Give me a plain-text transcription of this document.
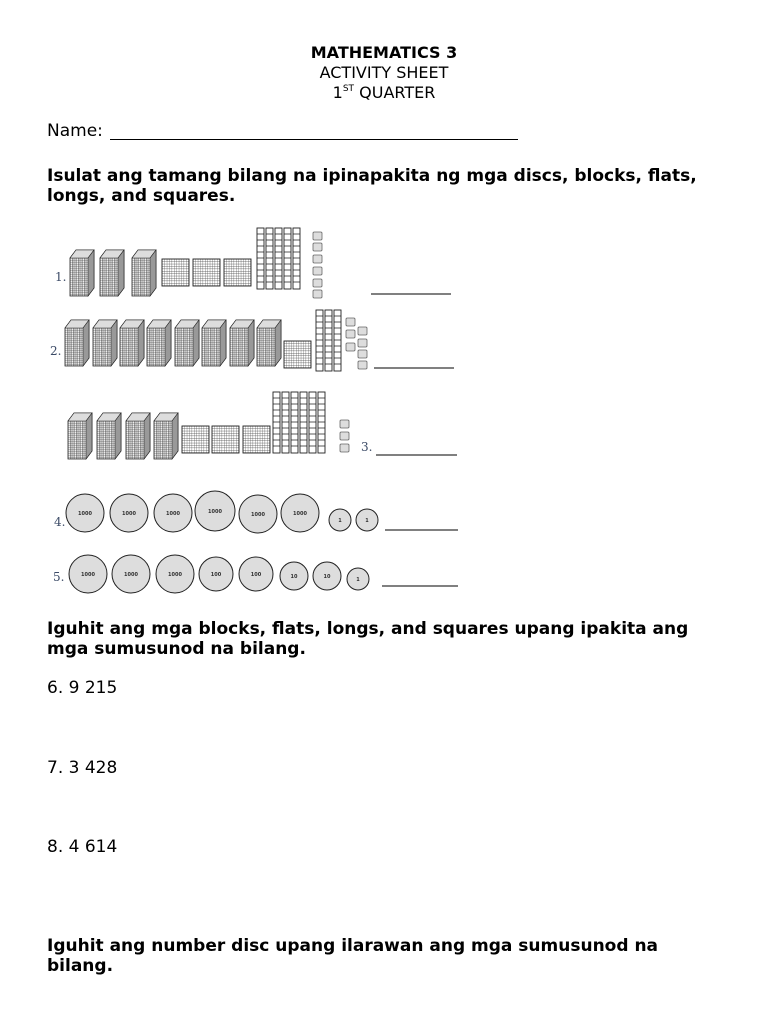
MATHEMATICS 3
ACTIVITY SHEET
1ST QUARTER
Name:
Isulat ang tamang bilang na ipinapakita ng mga discs, blocks, flats, longs, and squares.
1.
2.
3.
4.
1000	1000	1000	1000	1000	1000
1	1
5.	1000	1000	1000	100	100	10	10	1
Iguhit ang mga blocks, flats, longs, and squares upang ipakita ang mga sumusunod na bilang.
6. 9 215
7. 3 428
8. 4 614
Iguhit ang number disc upang ilarawan ang mga sumusunod na bilang.
